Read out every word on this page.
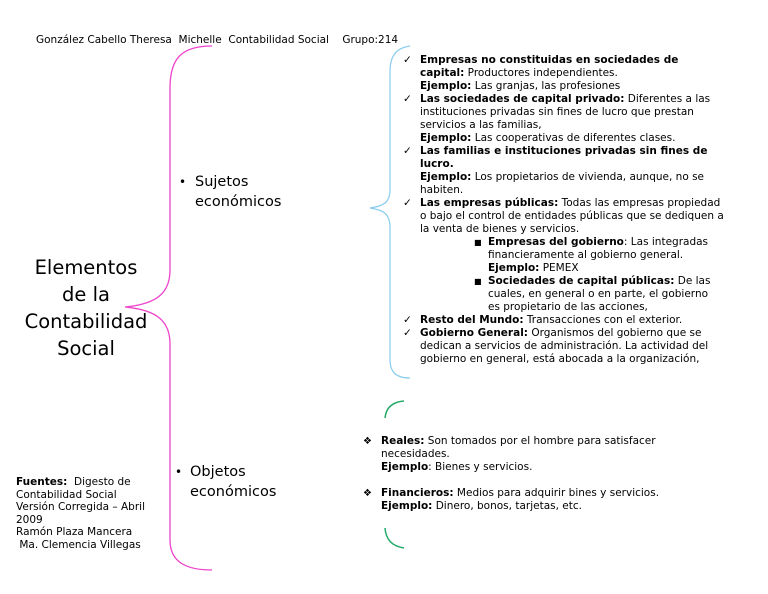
González Cabello Theresa  Michelle  Contabilidad Social    Grupo:214
Elementos de la Contabilidad Social
• Sujetos económicos
• Objetos económicos
✓ Empresas no constituidas en sociedades de capital: Productores independientes.
Ejemplo: Las granjas, las profesiones
✓ Las sociedades de capital privado: Diferentes a las instituciones privadas sin fines de lucro que prestan servicios a las familias,
Ejemplo: Las cooperativas de diferentes clases.
✓ Las familias e instituciones privadas sin fines de lucro.
Ejemplo: Los propietarios de vivienda, aunque, no se habiten.
✓ Las empresas públicas: Todas las empresas propiedad o bajo el control de entidades públicas que se dediquen a la venta de bienes y servicios.
■ Empresas del gobierno: Las integradas financieramente al gobierno general.
Ejemplo: PEMEX
■ Sociedades de capital públicas: De las cuales, en general o en parte, el gobierno es propietario de las acciones,
✓ Resto del Mundo: Transacciones con el exterior.
✓ Gobierno General: Organismos del gobierno que se dedican a servicios de administración. La actividad del gobierno en general, está abocada a la organización,
❖ Reales: Son tomados por el hombre para satisfacer necesidades.
Ejemplo: Bienes y servicios.
❖ Financieros: Medios para adquirir bines y servicios.
Ejemplo: Dinero, bonos, tarjetas, etc.
Fuentes: Digesto de Contabilidad Social Versión Corregida – Abril 2009
Ramón Plaza Mancera
Ma. Clemencia Villegas
